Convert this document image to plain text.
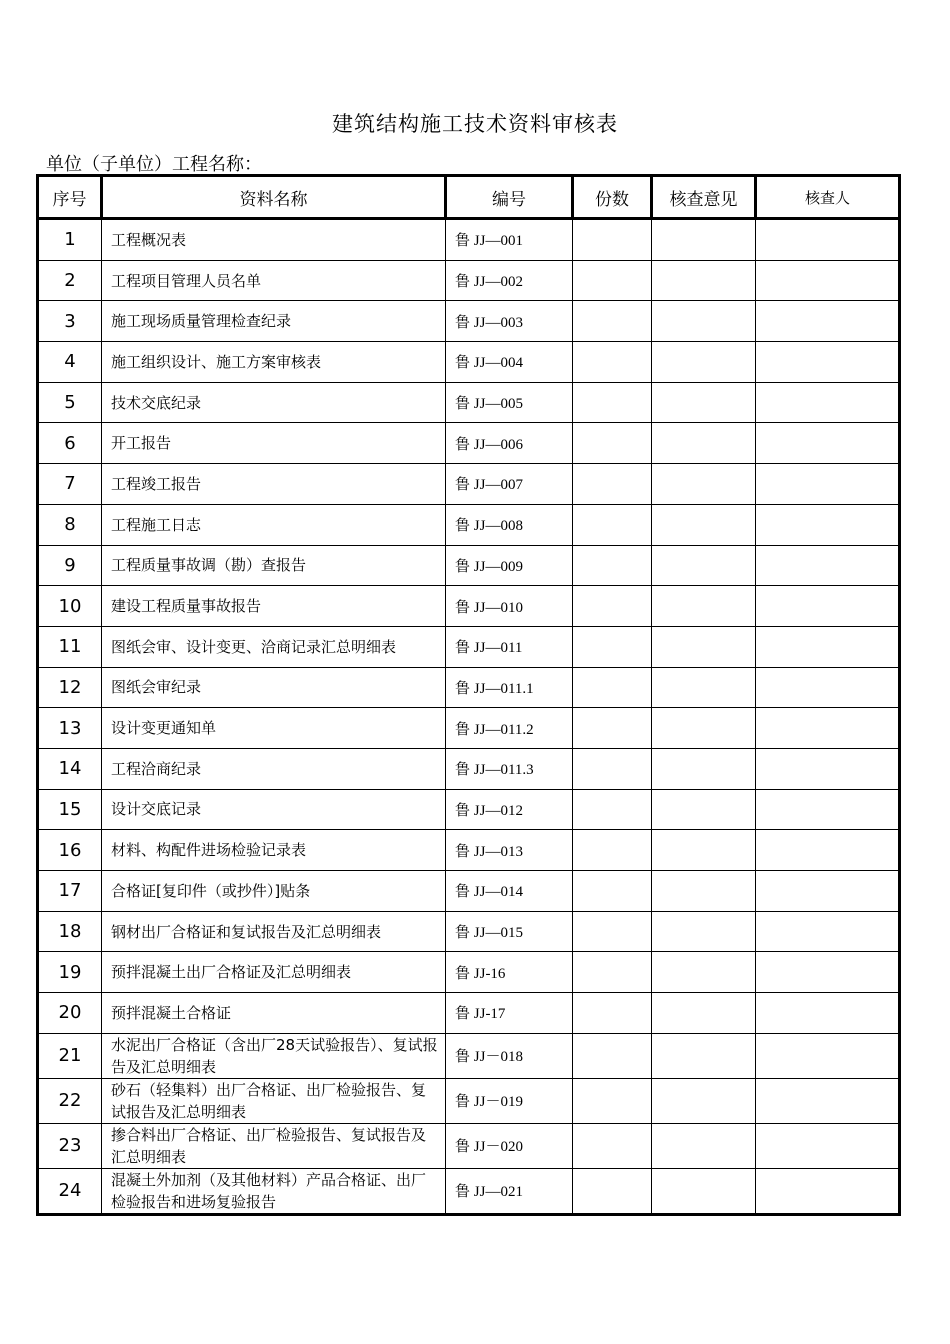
建筑结构施工技术资料审核表
单位（子单位）工程名称：
序号	资料名称	编号	份数	核查意见	核查人
1	工程概况表	鲁 JJ—001			
2	工程项目管理人员名单	鲁 JJ—002			
3	施工现场质量管理检查纪录	鲁 JJ—003			
4	施工组织设计、施工方案审核表	鲁 JJ—004			
5	技术交底纪录	鲁 JJ—005			
6	开工报告	鲁 JJ—006			
7	工程竣工报告	鲁 JJ—007			
8	工程施工日志	鲁 JJ—008			
9	工程质量事故调（勘）查报告	鲁 JJ—009			
10	建设工程质量事故报告	鲁 JJ—010			
11	图纸会审、设计变更、洽商记录汇总明细表	鲁 JJ—011			
12	图纸会审纪录	鲁 JJ—011.1			
13	设计变更通知单	鲁 JJ—011.2			
14	工程洽商纪录	鲁 JJ—011.3			
15	设计交底记录	鲁 JJ—012			
16	材料、构配件进场检验记录表	鲁 JJ—013			
17	合格证[复印件（或抄件）]贴条	鲁 JJ—014			
18	钢材出厂合格证和复试报告及汇总明细表	鲁 JJ—015			
19	预拌混凝土出厂合格证及汇总明细表	鲁 JJ-16			
20	预拌混凝土合格证	鲁 JJ-17			
21	水泥出厂合格证（含出厂28天试验报告）、复试报告及汇总明细表	鲁 JJ－018			
22	砂石（轻集料）出厂合格证、出厂检验报告、复试报告及汇总明细表	鲁 JJ－019			
23	掺合料出厂合格证、出厂检验报告、复试报告及汇总明细表	鲁 JJ－020			
24	混凝土外加剂（及其他材料）产品合格证、出厂检验报告和进场复验报告	鲁 JJ—021			
